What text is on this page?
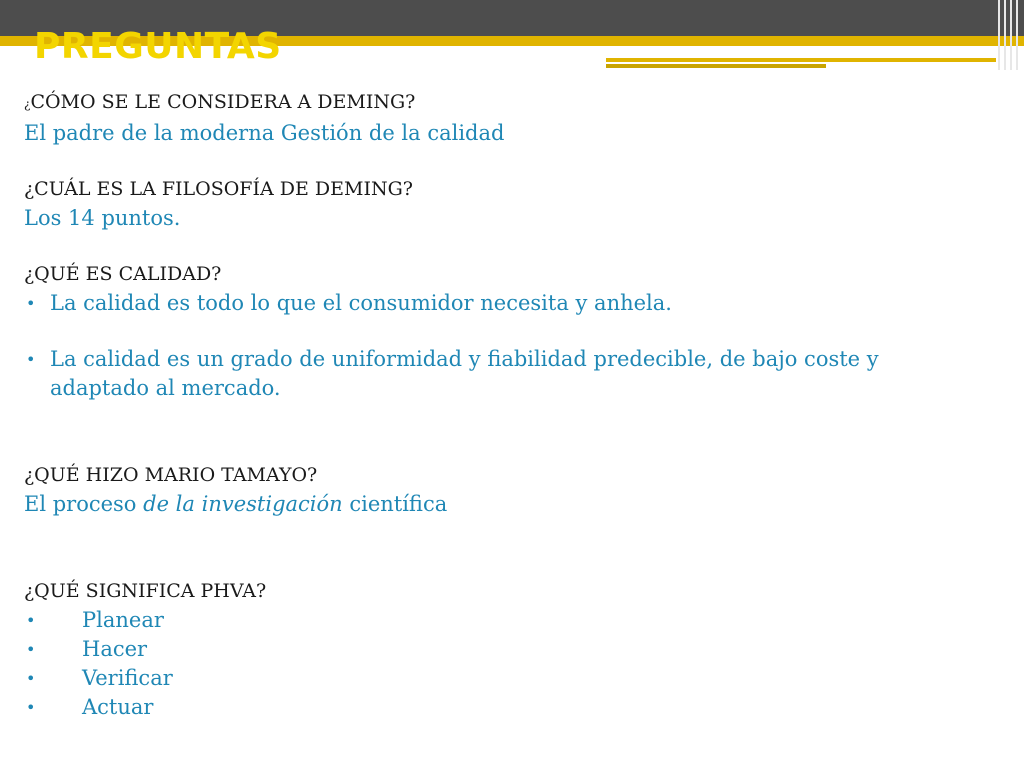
PREGUNTAS

¿CÓMO SE LE CONSIDERA A DEMING?

El padre de la moderna Gestión de la calidad

¿CUÁL ES LA FILOSOFÍA DE DEMING?

Los 14 puntos.

¿QUÉ ES CALIDAD?

• La calidad es todo lo que el consumidor necesita y anhela.
• La calidad es un grado de uniformidad y fiabilidad predecible, de bajo coste y adaptado al mercado.

¿QUÉ HIZO MARIO TAMAYO?

El proceso de la investigación científica

¿QUÉ SIGNIFICA PHVA?

•	Planear
•	Hacer
•	Verificar
•	Actuar
